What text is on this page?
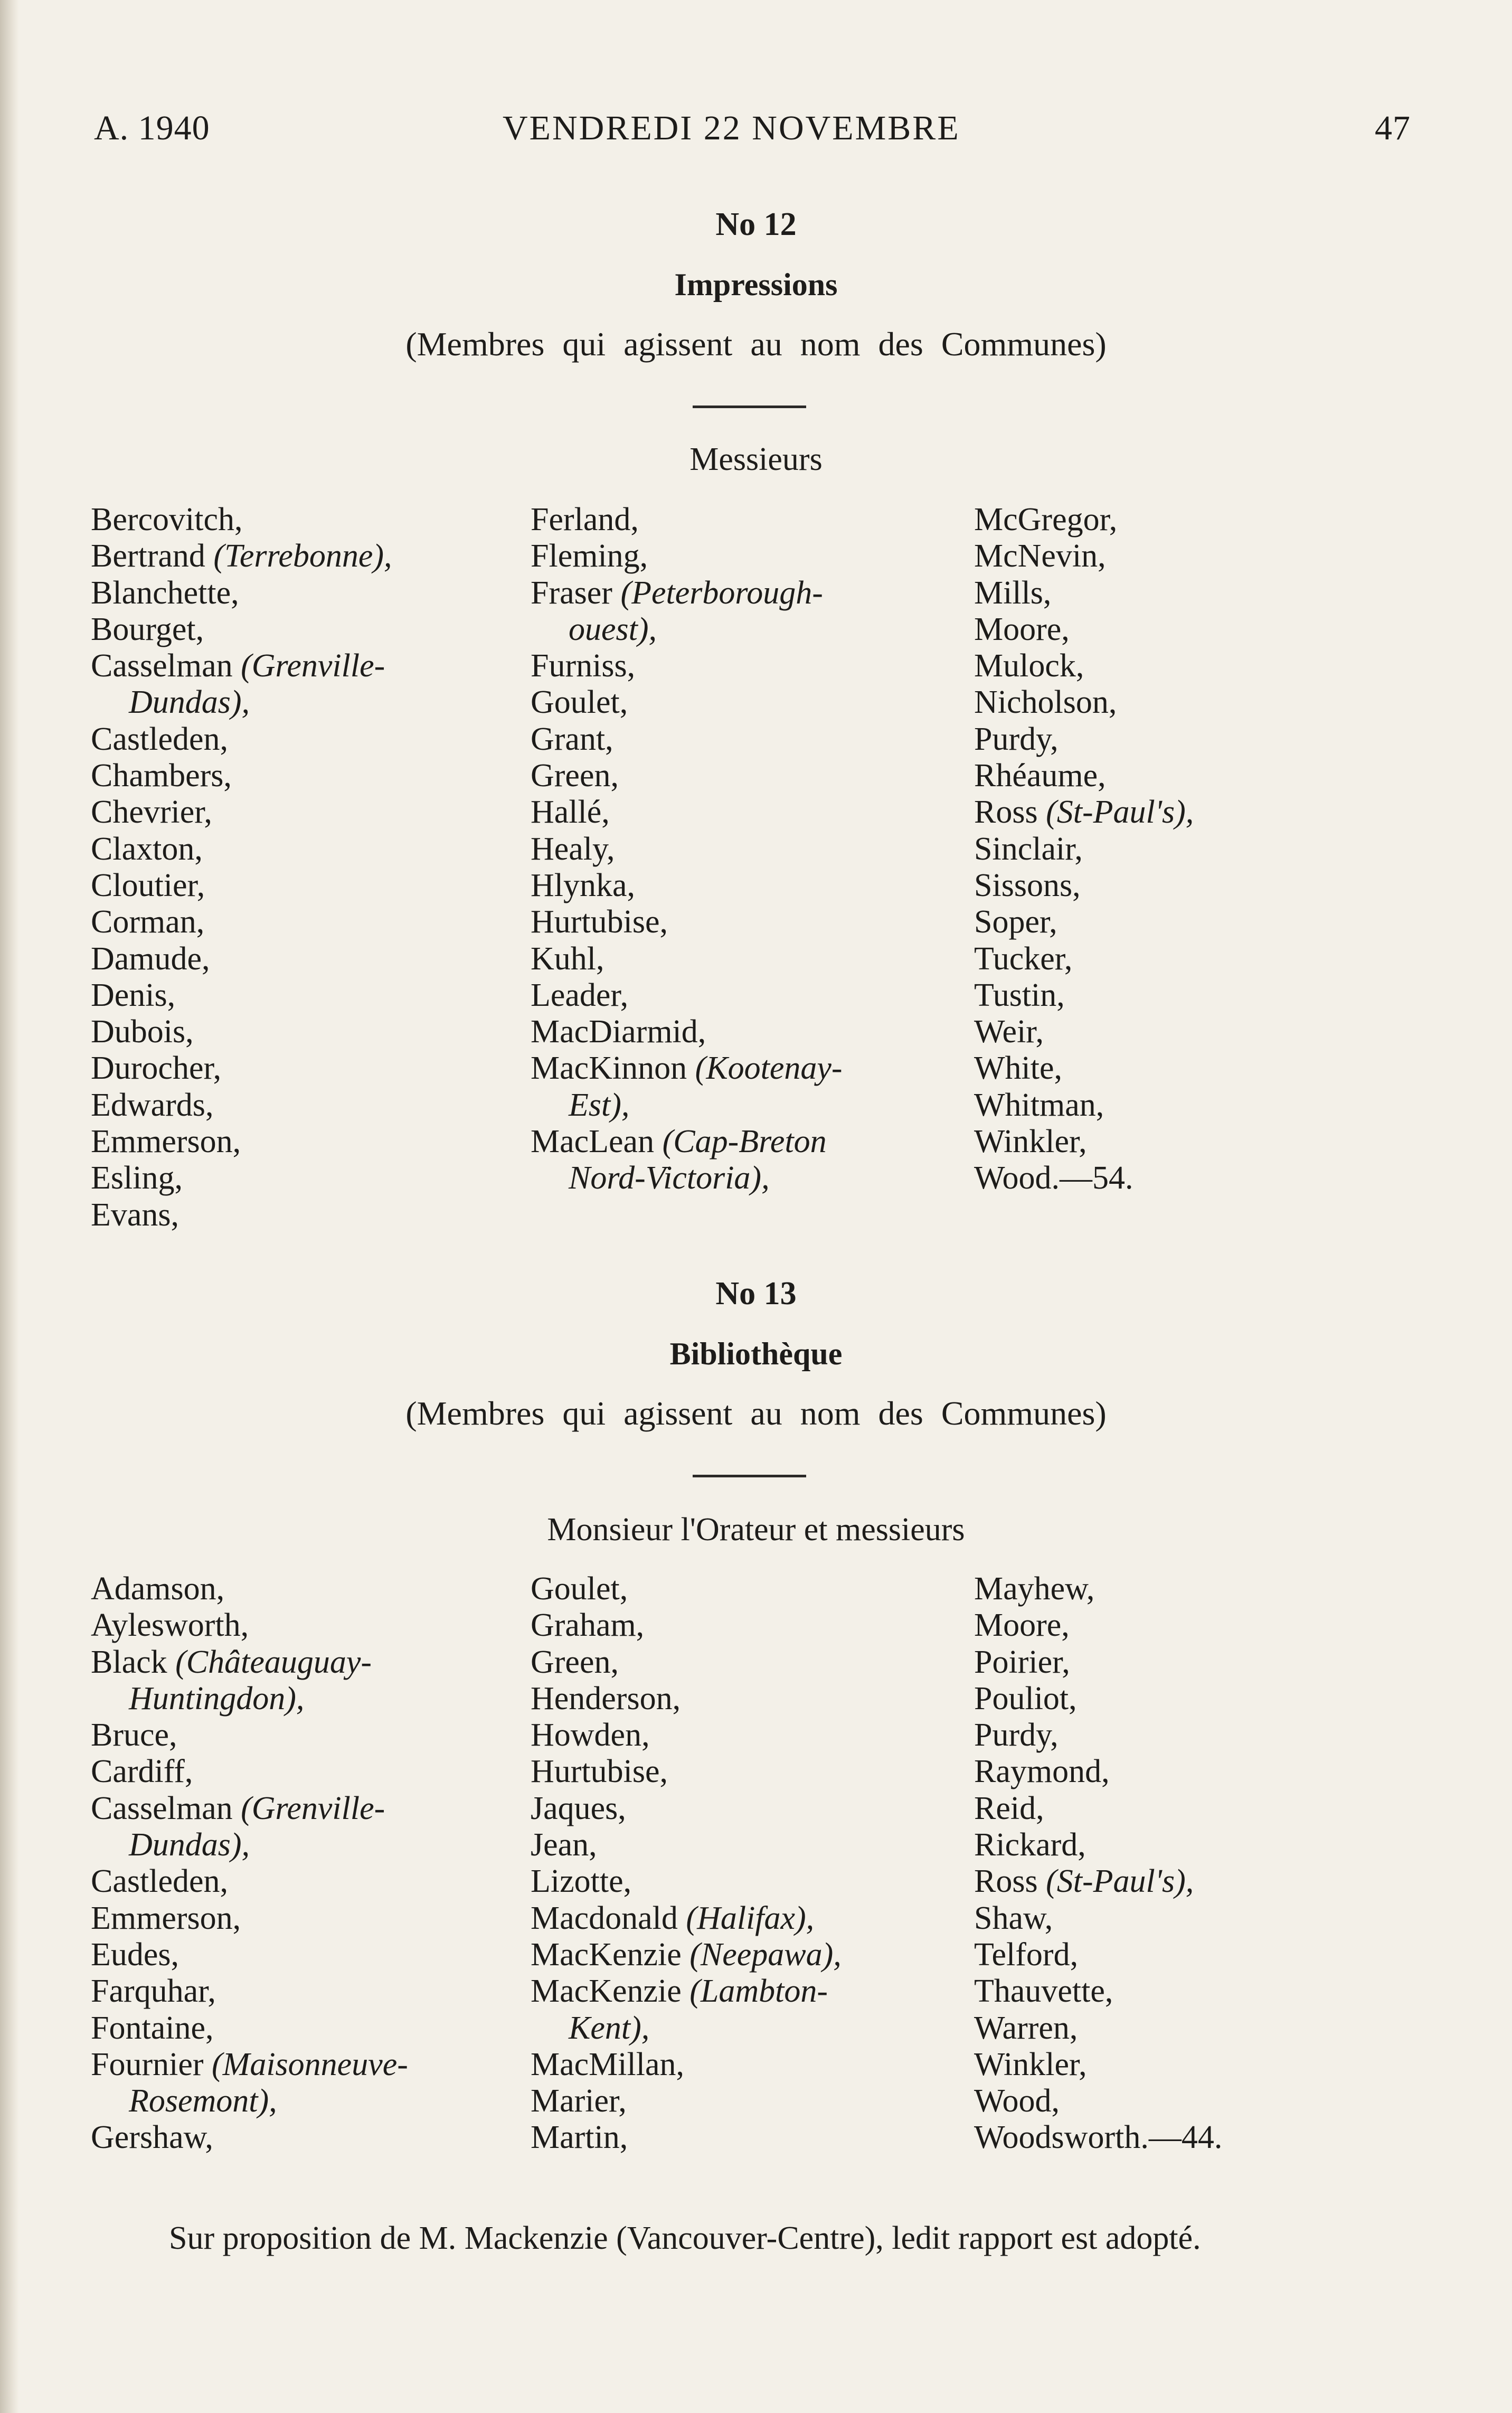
A. 1940	VENDREDI 22 NOVEMBRE	47
No 12
Impressions
(Membres qui agissent au nom des Communes)
Messieurs
Bercovitch,
Bertrand (Terrebonne),
Blanchette,
Bourget,
Casselman (Grenville-
Dundas),
Castleden,
Chambers,
Chevrier,
Claxton,
Cloutier,
Corman,
Damude,
Denis,
Dubois,
Durocher,
Edwards,
Emmerson,
Esling,
Evans,
Ferland,
Fleming,
Fraser (Peterborough-
ouest),
Furniss,
Goulet,
Grant,
Green,
Hallé,
Healy,
Hlynka,
Hurtubise,
Kuhl,
Leader,
MacDiarmid,
MacKinnon (Kootenay-
Est),
MacLean (Cap-Breton
Nord-Victoria),
McGregor,
McNevin,
Mills,
Moore,
Mulock,
Nicholson,
Purdy,
Rhéaume,
Ross (St-Paul's),
Sinclair,
Sissons,
Soper,
Tucker,
Tustin,
Weir,
White,
Whitman,
Winkler,
Wood.—54.
No 13
Bibliothèque
(Membres qui agissent au nom des Communes)
Monsieur l'Orateur et messieurs
Adamson,
Aylesworth,
Black (Châteauguay-
Huntingdon),
Bruce,
Cardiff,
Casselman (Grenville-
Dundas),
Castleden,
Emmerson,
Eudes,
Farquhar,
Fontaine,
Fournier (Maisonneuve-
Rosemont),
Gershaw,
Goulet,
Graham,
Green,
Henderson,
Howden,
Hurtubise,
Jaques,
Jean,
Lizotte,
Macdonald (Halifax),
MacKenzie (Neepawa),
MacKenzie (Lambton-
Kent),
MacMillan,
Marier,
Martin,
Mayhew,
Moore,
Poirier,
Pouliot,
Purdy,
Raymond,
Reid,
Rickard,
Ross (St-Paul's),
Shaw,
Telford,
Thauvette,
Warren,
Winkler,
Wood,
Woodsworth.—44.

Sur proposition de M. Mackenzie (Vancouver-Centre), ledit rapport est adopté.
